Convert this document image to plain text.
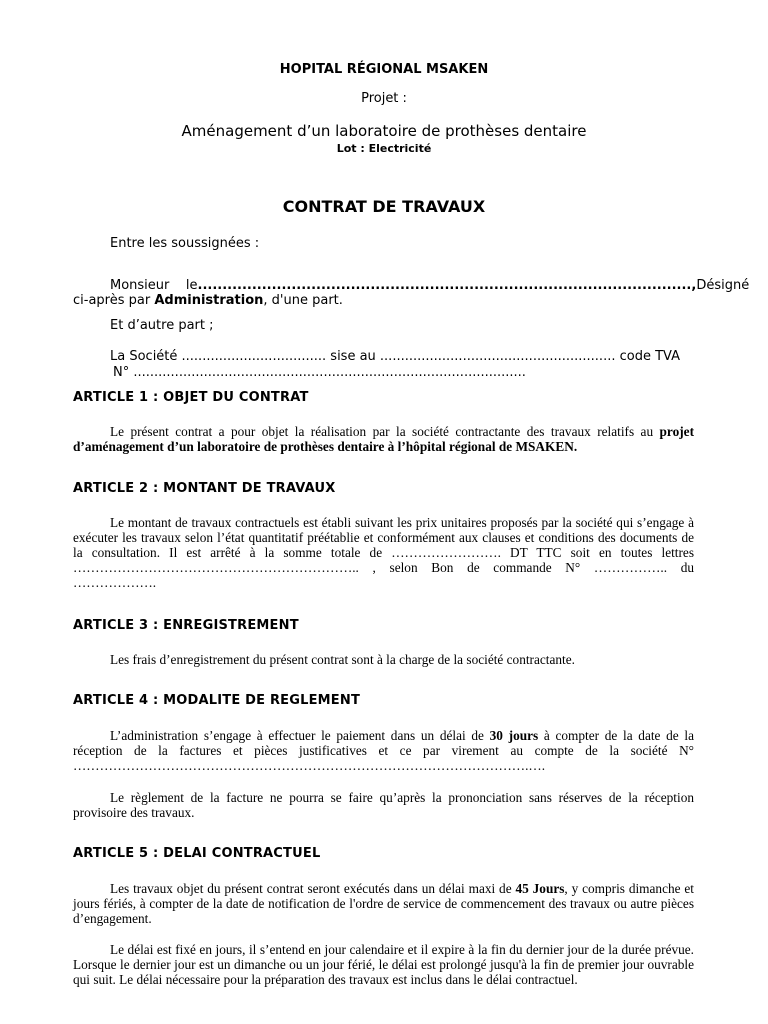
HOPITAL RÉGIONAL MSAKEN

Projet :

Aménagement d’un laboratoire de prothèses dentaire

Lot : Electricité

CONTRAT DE TRAVAUX

Entre les soussignées :

Monsieur    le ...................................................................................................., Désigné
ci-après par Administration, d'une part.

Et d’autre part ;

La Société ................................... sise au ......................................................... code TVA

N° ...............................................................................................

ARTICLE 1 : OBJET DU CONTRAT

Le présent contrat a pour objet la réalisation par la société contractante des travaux relatifs au projet d’aménagement d’un laboratoire de prothèses dentaire à l’hôpital régional de MSAKEN.

ARTICLE 2 : MONTANT DE TRAVAUX

Le montant de travaux contractuels est établi suivant les prix unitaires proposés par la société qui s’engage à exécuter les travaux selon l’état quantitatif préétablie et conformément aux clauses et conditions des documents de la consultation. Il est arrêté à la somme totale de ……………………. DT TTC soit en toutes lettres ……………………………………………………….. , selon Bon de commande N° …………….. du ……………….

ARTICLE 3 : ENREGISTREMENT

Les frais d’enregistrement du présent contrat sont à la charge de la société contractante.

ARTICLE 4 : MODALITE DE REGLEMENT

L’administration s’engage à effectuer le paiement dans un délai de 30 jours à compter de la date de la réception de la factures et pièces justificatives et ce par virement au compte de la société N° ………………………………………………………………………………………….….

Le règlement de la facture ne pourra se faire qu’après la prononciation sans réserves de la réception provisoire des travaux.

ARTICLE 5 : DELAI CONTRACTUEL

Les travaux objet du présent contrat seront exécutés dans un délai maxi de 45 Jours, y compris dimanche et jours fériés, à compter de la date de notification de l'ordre de service de commencement des travaux ou autre pièces d’engagement.

Le délai est fixé en jours, il s’entend en jour calendaire et il expire à la fin du dernier jour de la durée prévue. Lorsque le dernier jour est un dimanche ou un jour férié, le délai est prolongé jusqu'à la fin de premier jour ouvrable qui suit. Le délai nécessaire pour la préparation des travaux est inclus dans le délai contractuel.
